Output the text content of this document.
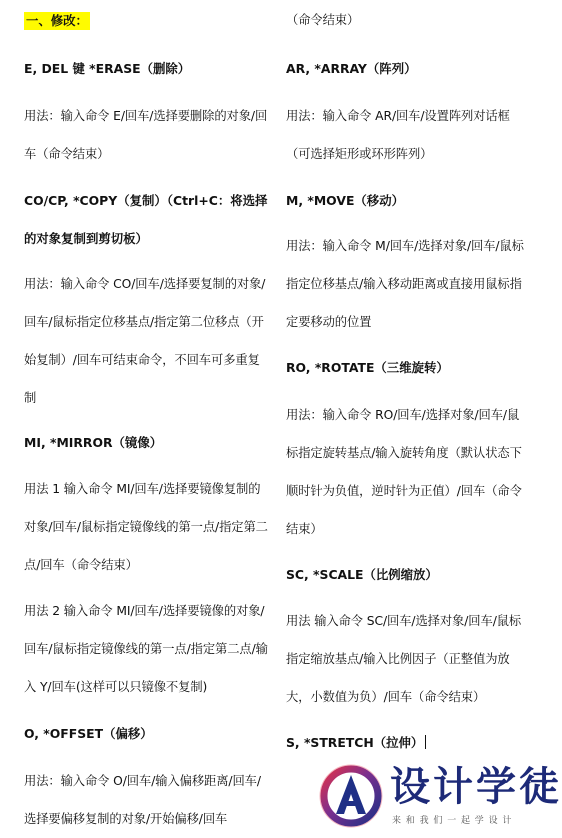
一、修改：

E, DEL 键 *ERASE（删除）

用法：输入命令 E/回车/选择要删除的对象/回车（命令结束）

CO/CP, *COPY（复制）（Ctrl+C：将选择的对象复制到剪切板）

用法：输入命令 CO/回车/选择要复制的对象/回车/鼠标指定位移基点/指定第二位移点（开始复制）/回车可结束命令，不回车可多重复制

MI, *MIRROR（镜像）

用法 1 输入命令 MI/回车/选择要镜像复制的对象/回车/鼠标指定镜像线的第一点/指定第二点/回车（命令结束）

用法 2 输入命令 MI/回车/选择要镜像的对象/回车/鼠标指定镜像线的第一点/指定第二点/输入 Y/回车(这样可以只镜像不复制)

O, *OFFSET（偏移）

用法：输入命令 O/回车/输入偏移距离/回车/选择要偏移复制的对象/开始偏移/回车

（命令结束）

AR, *ARRAY（阵列）

用法：输入命令 AR/回车/设置阵列对话框（可选择矩形或环形阵列）

M, *MOVE（移动）

用法：输入命令 M/回车/选择对象/回车/鼠标指定位移基点/输入移动距离或直接用鼠标指定要移动的位置

RO, *ROTATE（三维旋转）

用法：输入命令 RO/回车/选择对象/回车/鼠标指定旋转基点/输入旋转角度（默认状态下顺时针为负值，逆时针为正值）/回车（命令结束）

SC, *SCALE（比例缩放）

用法 输入命令 SC/回车/选择对象/回车/鼠标指定缩放基点/输入比例因子（正整值为放大，小数值为负）/回车（命令结束）

S, *STRETCH（拉伸）

设计学徒
来和我们一起学设计
